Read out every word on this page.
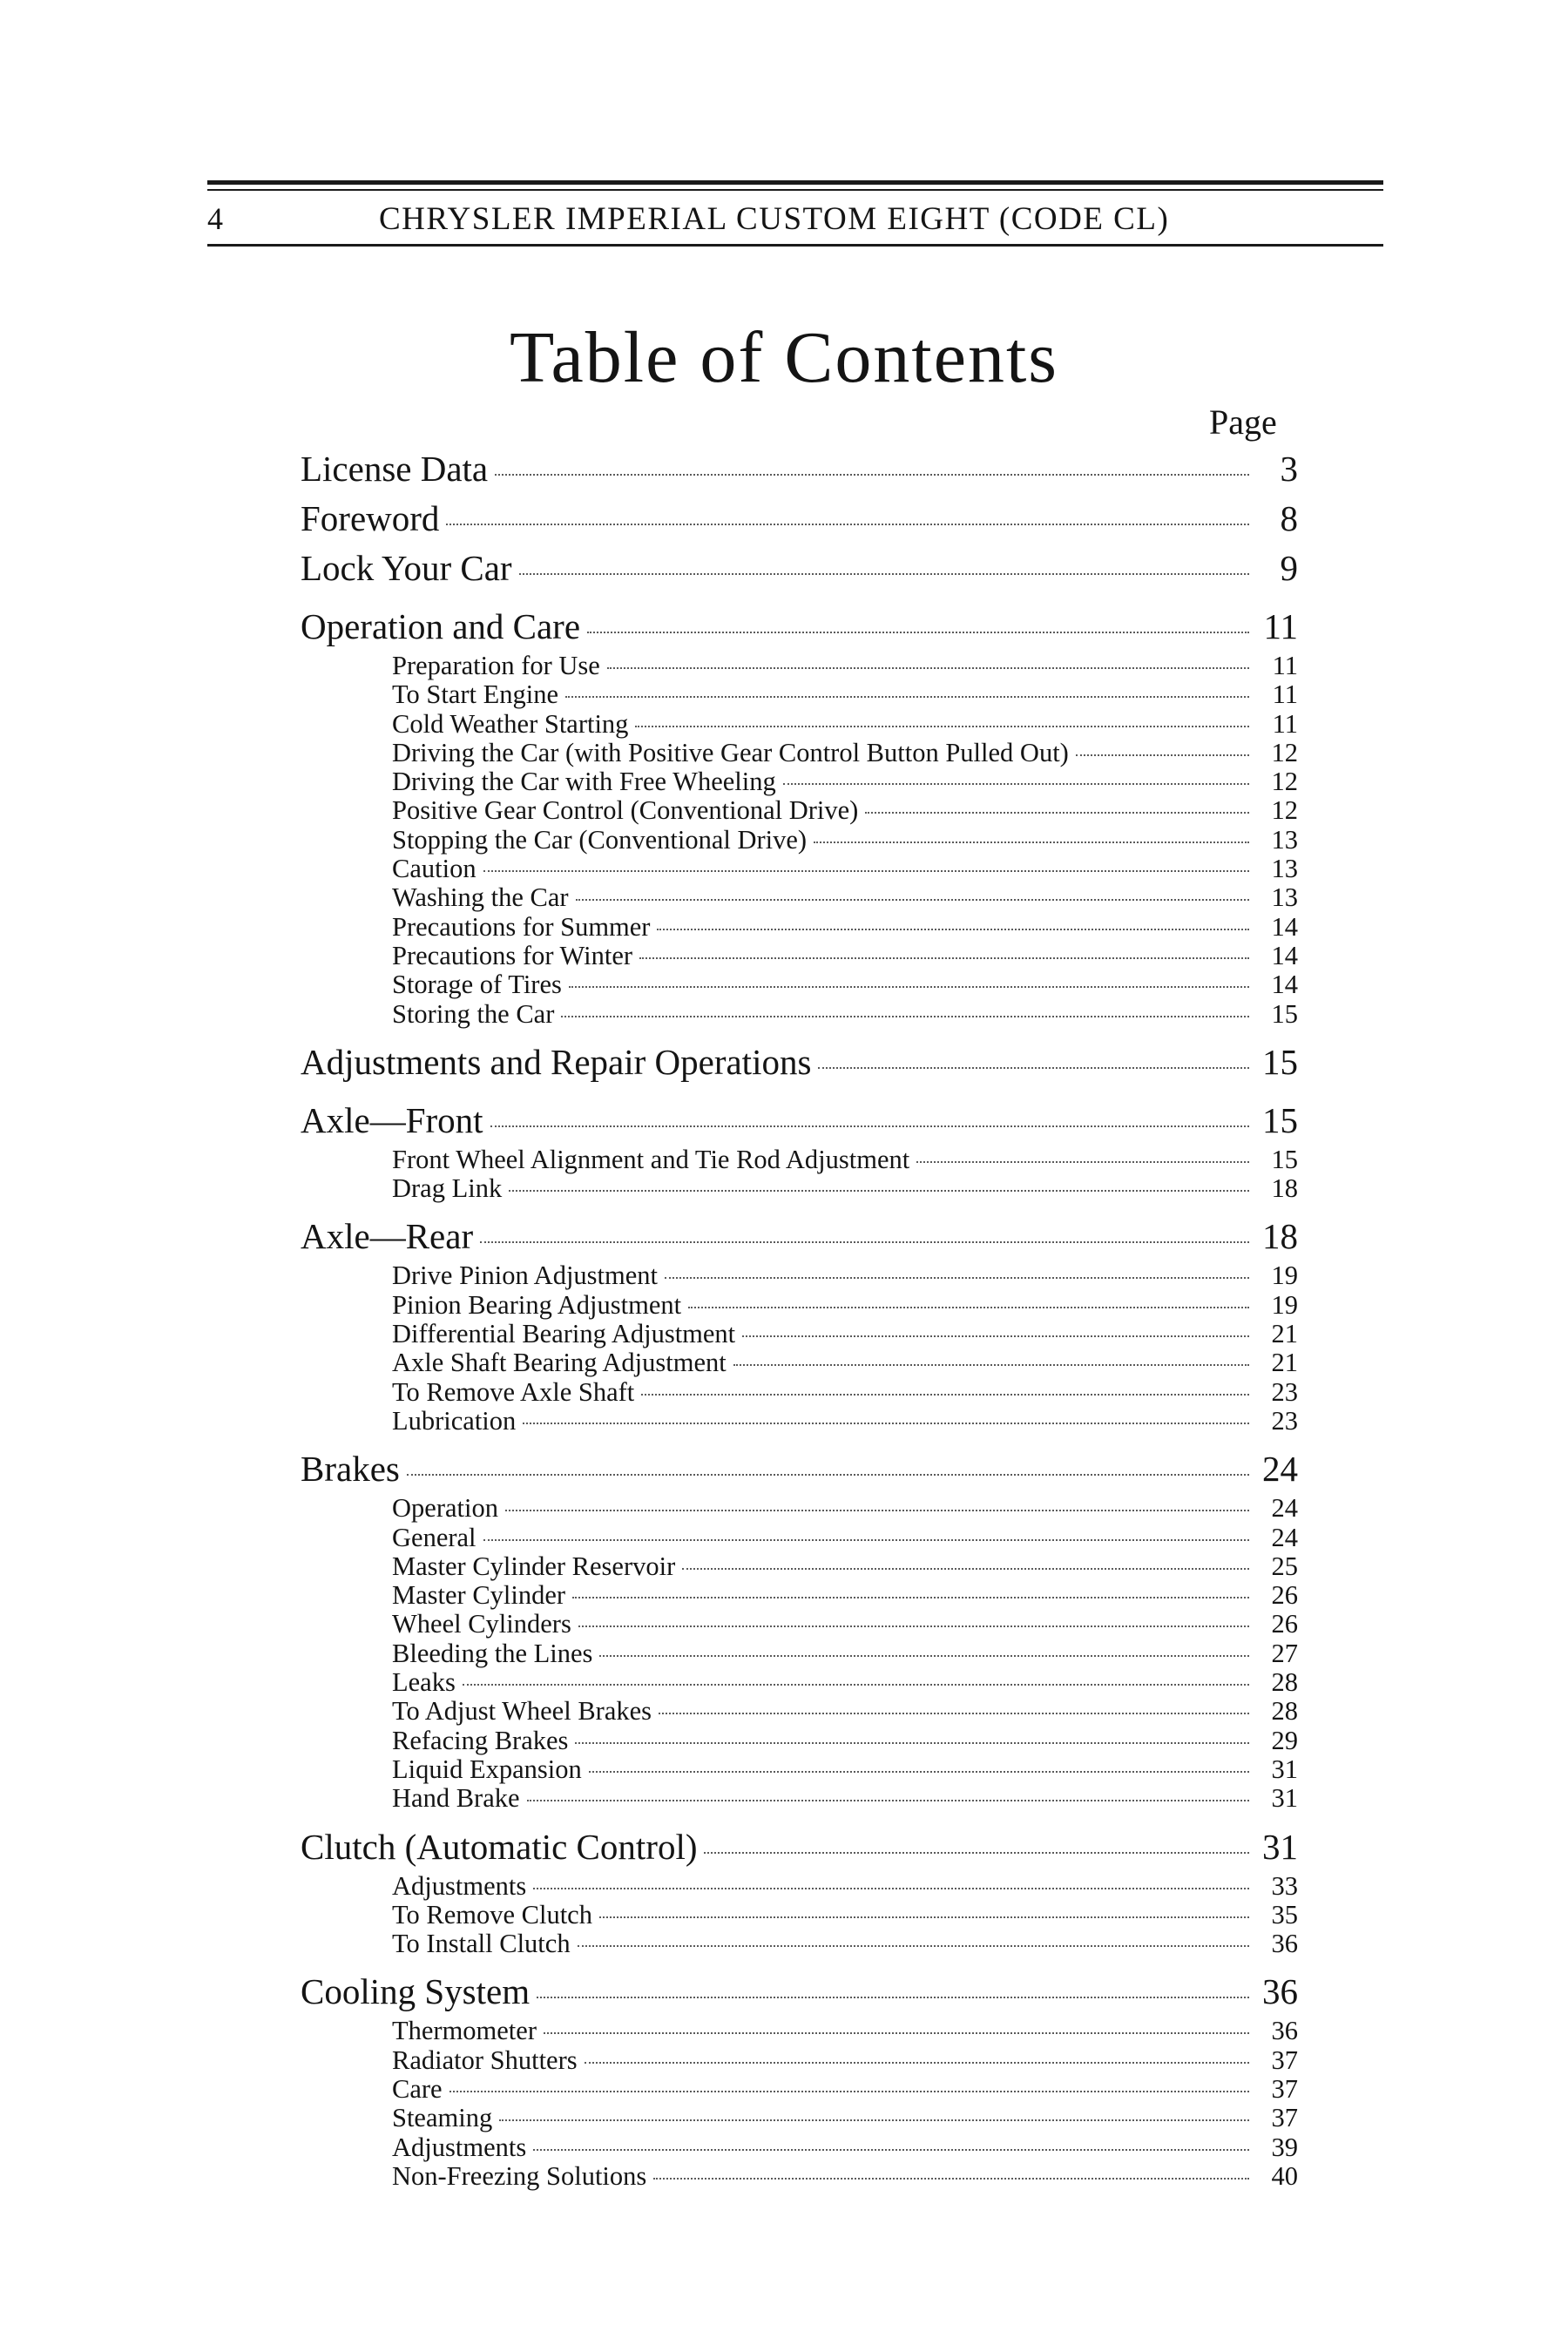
4	CHRYSLER IMPERIAL CUSTOM EIGHT (CODE CL)
Table of Contents
Page
License Data	3
Foreword	8
Lock Your Car	9
Operation and Care	11
Preparation for Use	11
To Start Engine	11
Cold Weather Starting	11
Driving the Car (with Positive Gear Control Button Pulled Out)	12
Driving the Car with Free Wheeling	12
Positive Gear Control (Conventional Drive)	12
Stopping the Car (Conventional Drive)	13
Caution	13
Washing the Car	13
Precautions for Summer	14
Precautions for Winter	14
Storage of Tires	14
Storing the Car	15
Adjustments and Repair Operations	15
Axle—Front	15
Front Wheel Alignment and Tie Rod Adjustment	15
Drag Link	18
Axle—Rear	18
Drive Pinion Adjustment	19
Pinion Bearing Adjustment	19
Differential Bearing Adjustment	21
Axle Shaft Bearing Adjustment	21
To Remove Axle Shaft	23
Lubrication	23
Brakes	24
Operation	24
General	24
Master Cylinder Reservoir	25
Master Cylinder	26
Wheel Cylinders	26
Bleeding the Lines	27
Leaks	28
To Adjust Wheel Brakes	28
Refacing Brakes	29
Liquid Expansion	31
Hand Brake	31
Clutch (Automatic Control)	31
Adjustments	33
To Remove Clutch	35
To Install Clutch	36
Cooling System	36
Thermometer	36
Radiator Shutters	37
Care	37
Steaming	37
Adjustments	39
Non-Freezing Solutions	40
